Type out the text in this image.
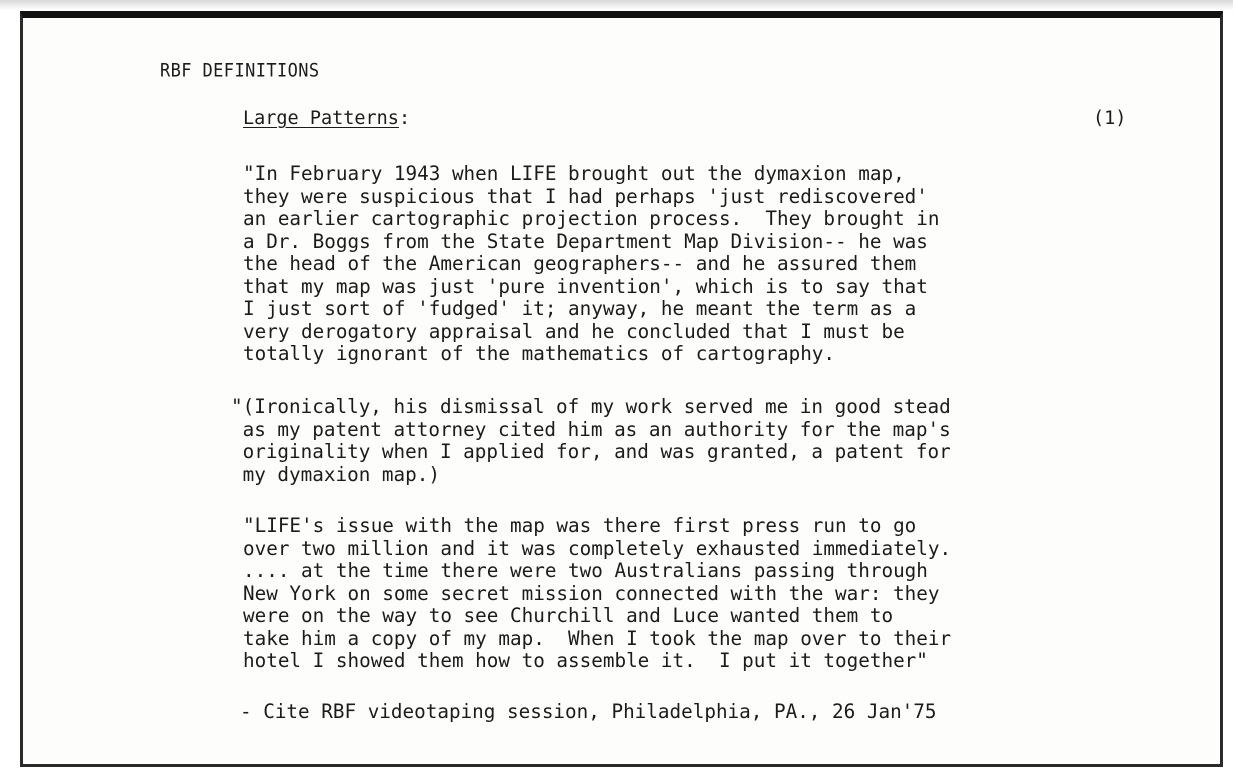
RBF DEFINITIONS

Large Patterns:	(1)

"In February 1943 when LIFE brought out the dymaxion map,
they were suspicious that I had perhaps 'just rediscovered'
an earlier cartographic projection process.  They brought in
a Dr. Boggs from the State Department Map Division-- he was
the head of the American geographers-- and he assured them
that my map was just 'pure invention', which is to say that
I just sort of 'fudged' it; anyway, he meant the term as a
very derogatory appraisal and he concluded that I must be
totally ignorant of the mathematics of cartography.

"(Ironically, his dismissal of my work served me in good stead
as my patent attorney cited him as an authority for the map's
originality when I applied for, and was granted, a patent for
my dymaxion map.)

"LIFE's issue with the map was there first press run to go
over two million and it was completely exhausted immediately.
.... at the time there were two Australians passing through
New York on some secret mission connected with the war: they
were on the way to see Churchill and Luce wanted them to
take him a copy of my map.  When I took the map over to their
hotel I showed them how to assemble it.  I put it together"

- Cite RBF videotaping session, Philadelphia, PA., 26 Jan'75
